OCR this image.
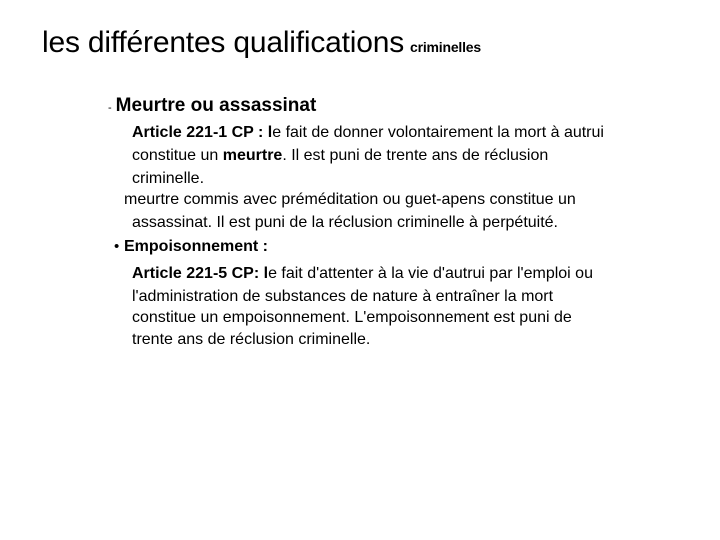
les différentes qualifications criminelles
- Meurtre ou assassinat
Article 221-1 CP : le fait de donner volontairement la mort à autrui
constitue un meurtre. Il est puni de trente ans de réclusion
criminelle.
meurtre commis avec préméditation ou guet-apens constitue un
assassinat. Il est puni de la réclusion criminelle à perpétuité.
• Empoisonnement :
Article 221-5 CP: le fait d'attenter à la vie d'autrui par l'emploi ou
l'administration de substances de nature à entraîner la mort
constitue un empoisonnement. L'empoisonnement est puni de
trente ans de réclusion criminelle.
